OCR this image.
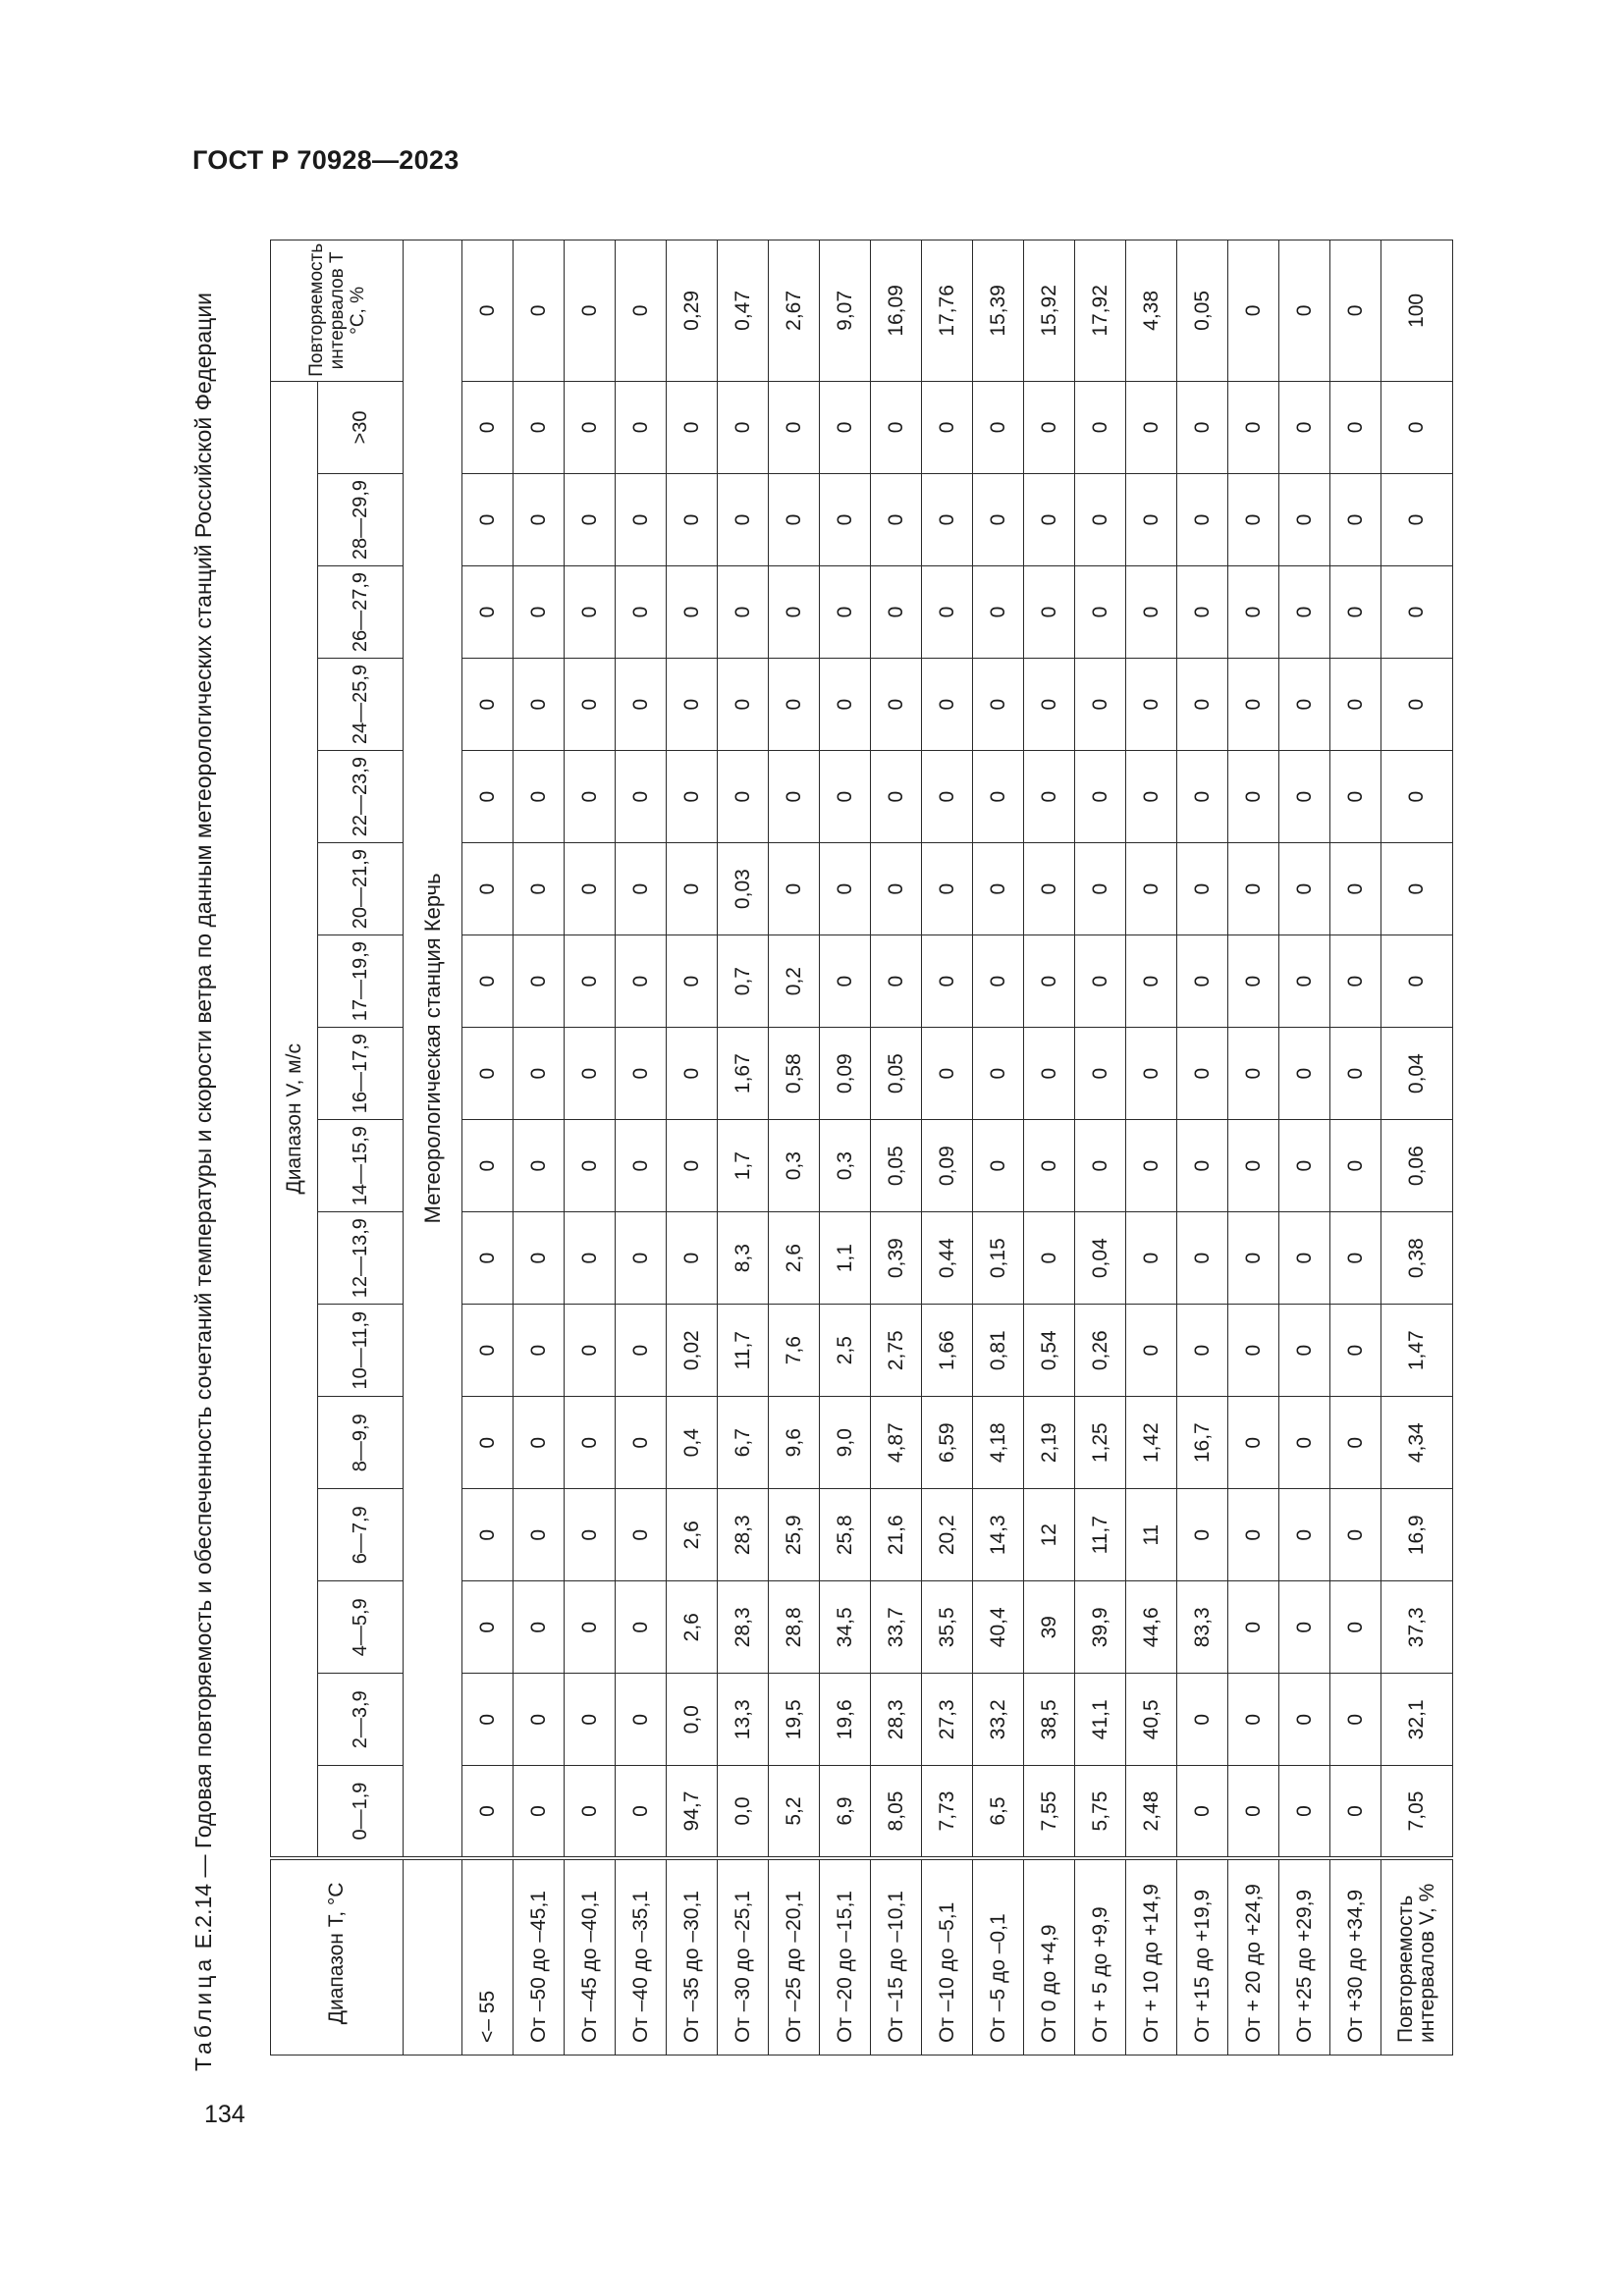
ГОСТ Р 70928—2023
Таблица E.2.14 — Годовая повторяемость и обеспеченность сочетаний температуры и скорости ветра по данным метеорологических станций Российской Федерации
Диапазон T, °C	Диапазон V, м/с																Повторяемость интервалов T °C, %
	0—1,9	2—3,9	4—5,9	6—7,9	8—9,9	10—11,9	12—13,9	14—15,9	16—17,9	17—19,9	20—21,9	22—23,9	24—25,9	26—27,9	28—29,9	>30	
	Метеорологическая станция Керчь																
<– 55	0	0	0	0	0	0	0	0	0	0	0	0	0	0	0	0	0
От –50 до –45,1	0	0	0	0	0	0	0	0	0	0	0	0	0	0	0	0	0
От –45 до –40,1	0	0	0	0	0	0	0	0	0	0	0	0	0	0	0	0	0
От –40 до –35,1	0	0	0	0	0	0	0	0	0	0	0	0	0	0	0	0	0
От –35 до –30,1	94,7	0,0	2,6	2,6	0,4	0,02	0	0	0	0	0	0	0	0	0	0	0,29
От –30 до –25,1	0,0	13,3	28,3	28,3	6,7	11,7	8,3	1,7	1,67	0,7	0,03	0	0	0	0	0	0,47
От –25 до –20,1	5,2	19,5	28,8	25,9	9,6	7,6	2,6	0,3	0,58	0,2	0	0	0	0	0	0	2,67
От –20 до –15,1	6,9	19,6	34,5	25,8	9,0	2,5	1,1	0,3	0,09	0	0	0	0	0	0	0	9,07
От –15 до –10,1	8,05	28,3	33,7	21,6	4,87	2,75	0,39	0,05	0,05	0	0	0	0	0	0	0	16,09
От –10 до –5,1	7,73	27,3	35,5	20,2	6,59	1,66	0,44	0,09	0	0	0	0	0	0	0	0	17,76
От –5 до –0,1	6,5	33,2	40,4	14,3	4,18	0,81	0,15	0	0	0	0	0	0	0	0	0	15,39
От 0 до +4,9	7,55	38,5	39	12	2,19	0,54	0	0	0	0	0	0	0	0	0	0	15,92
От + 5 до +9,9	5,75	41,1	39,9	11,7	1,25	0,26	0,04	0	0	0	0	0	0	0	0	0	17,92
От + 10 до +14,9	2,48	40,5	44,6	11	1,42	0	0	0	0	0	0	0	0	0	0	0	4,38
От +15 до +19,9	0	0	83,3	0	16,7	0	0	0	0	0	0	0	0	0	0	0	0,05
От + 20 до +24,9	0	0	0	0	0	0	0	0	0	0	0	0	0	0	0	0	0
От +25 до +29,9	0	0	0	0	0	0	0	0	0	0	0	0	0	0	0	0	0
От +30 до +34,9	0	0	0	0	0	0	0	0	0	0	0	0	0	0	0	0	0
Повторяемость интервалов V, %	7,05	32,1	37,3	16,9	4,34	1,47	0,38	0,06	0,04	0	0	0	0	0	0	0	100
134
